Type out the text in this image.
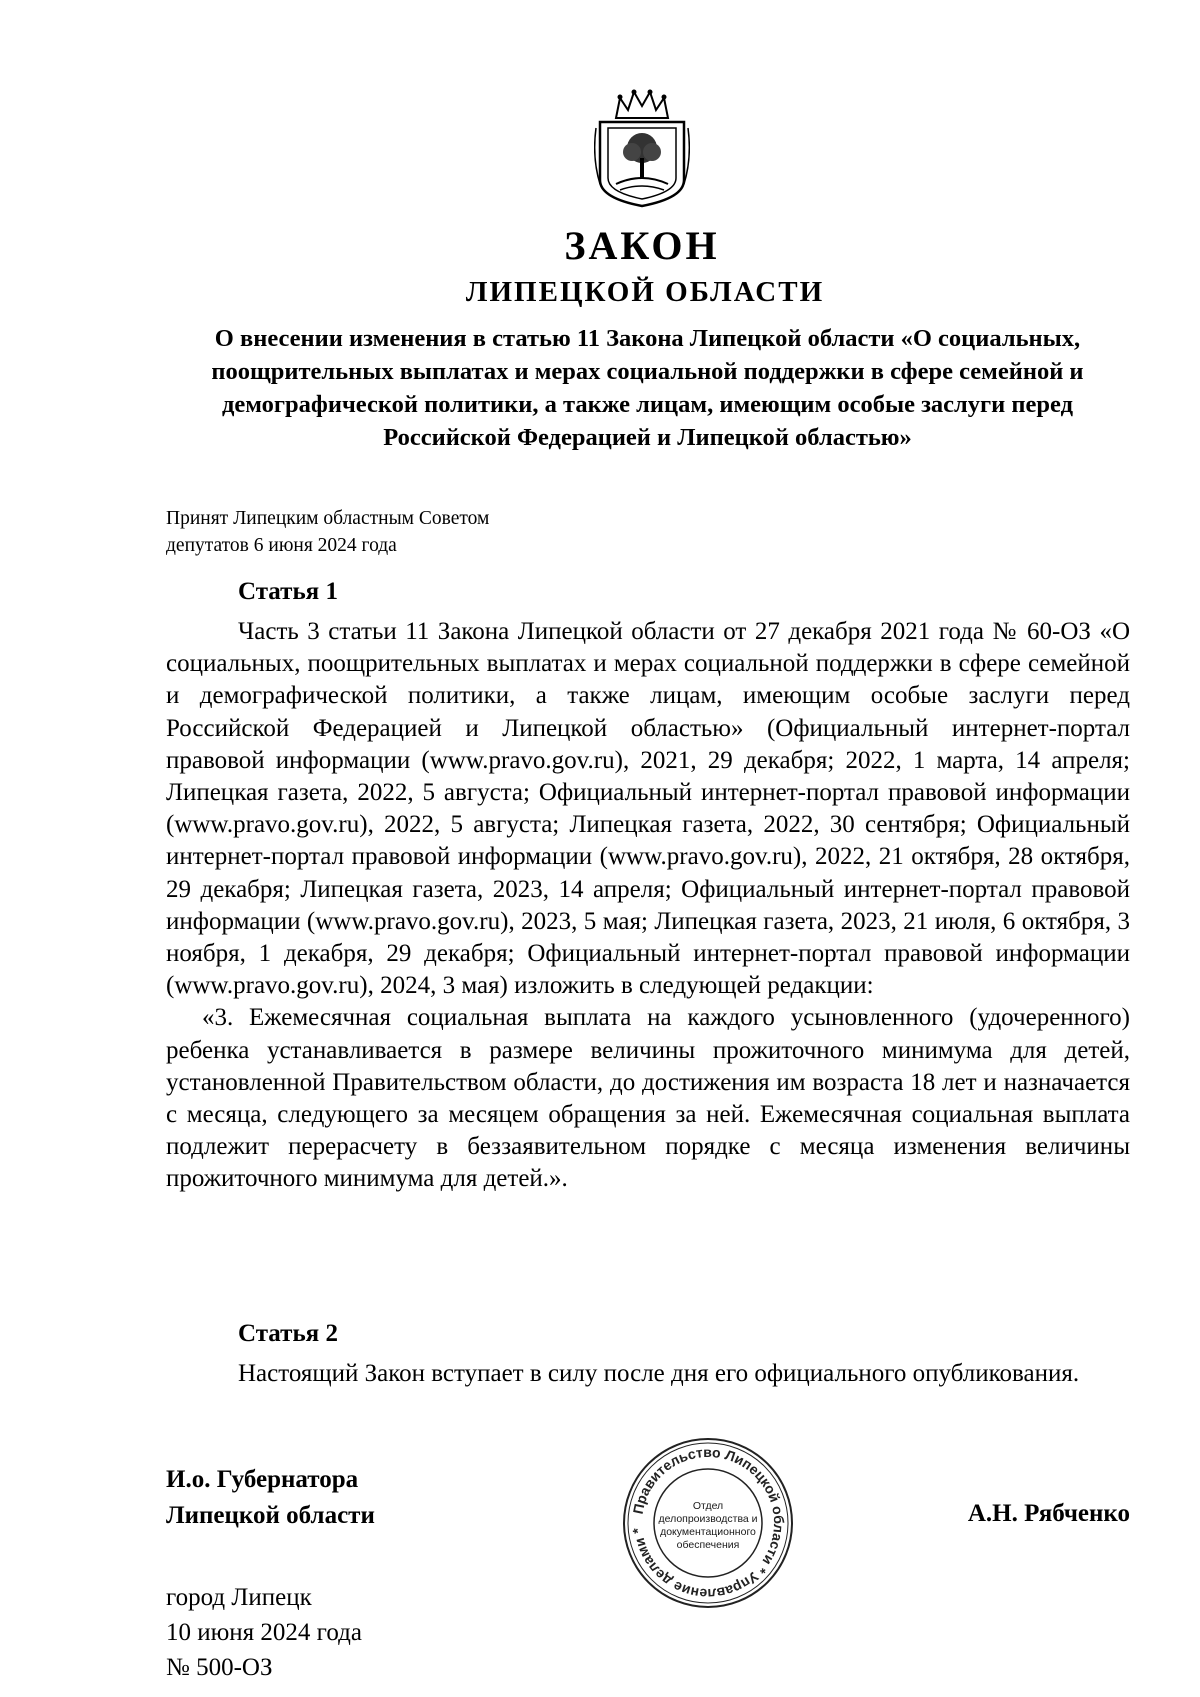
ЗАКОН
ЛИПЕЦКОЙ ОБЛАСТИ
О внесении изменения в статью 11 Закона Липецкой области «О социальных, поощрительных выплатах и мерах социальной поддержки в сфере семейной и демографической политики, а также лицам, имеющим особые заслуги перед Российской Федерацией и Липецкой областью»
Принят Липецким областным Советом
депутатов 6 июня 2024 года
Статья 1

Часть 3 статьи 11 Закона Липецкой области от 27 декабря 2021 года № 60-ОЗ «О социальных, поощрительных выплатах и мерах социальной поддержки в сфере семейной и демографической политики, а также лицам, имеющим особые заслуги перед Российской Федерацией и Липецкой областью» (Официальный интернет-портал правовой информации (www.pravo.gov.ru), 2021, 29 декабря; 2022, 1 марта, 14 апреля; Липецкая газета, 2022, 5 августа; Официальный интернет-портал правовой информации (www.pravo.gov.ru), 2022, 5 августа; Липецкая газета, 2022, 30 сентября; Официальный интернет-портал правовой информации (www.pravo.gov.ru), 2022, 21 октября, 28 октября, 29 декабря; Липецкая газета, 2023, 14 апреля; Официальный интернет-портал правовой информации (www.pravo.gov.ru), 2023, 5 мая; Липецкая газета, 2023, 21 июля, 6 октября, 3 ноября, 1 декабря, 29 декабря; Официальный интернет-портал правовой информации (www.pravo.gov.ru), 2024, 3 мая) изложить в следующей редакции:

«3. Ежемесячная социальная выплата на каждого усыновленного (удочеренного) ребенка устанавливается в размере величины прожиточного минимума для детей, установленной Правительством области, до достижения им возраста 18 лет и назначается с месяца, следующего за месяцем обращения за ней. Ежемесячная социальная выплата подлежит перерасчету в беззаявительном порядке с месяца изменения величины прожиточного минимума для детей.».

Статья 2

Настоящий Закон вступает в силу после дня его официального опубликования.

И.о. Губернатора
Липецкой области	Правительство Липецкой области * Управление делами *
Отдел
делопроизводства и
документационного
обеспечения
А.Н. Рябченко
город Липецк
10 июня 2024 года
№ 500-ОЗ
